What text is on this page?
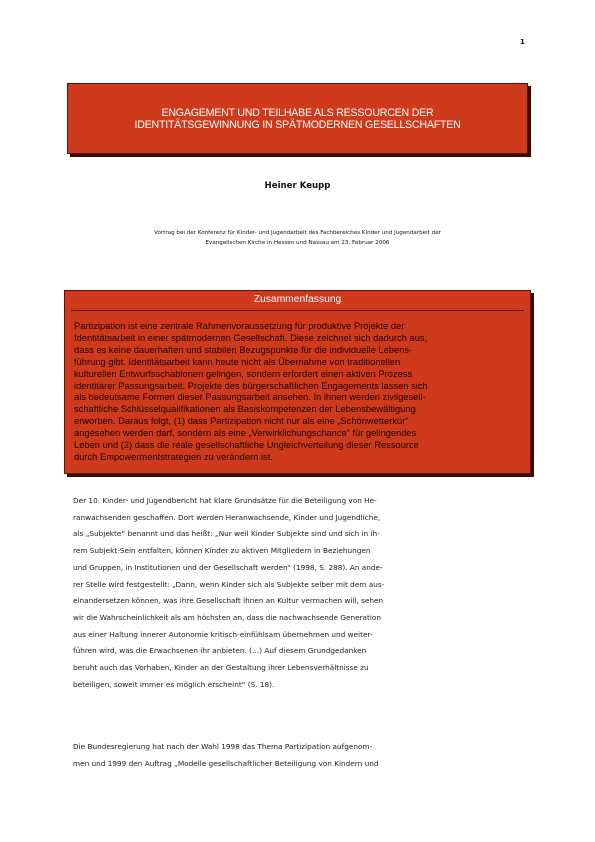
1
ENGAGEMENT UND TEILHABE ALS RESSOURCEN DER
IDENTITÄTSGEWINNUNG IN SPÄTMODERNEN GESELLSCHAFTEN
Heiner Keupp
Vortrag bei der Konferenz für Kinder- und Jugendarbeit des Fachbereiches Kinder und Jugendarbeit der
Evangelischen Kirche in Hessen und Nassau am 23. Februar 2006
Zusammenfassung

Partizipation ist eine zentrale Rahmenvoraussetzung für produktive Projekte der
Identitätsarbeit in einer spätmodernen Gesellschaft. Diese zeichnet sich dadurch aus,
dass es keine dauerhaften und stabilen Bezugspunkte für die individuelle Lebens-
führung gibt. Identitätsarbeit kann heute nicht als Übernahme von traditionellen
kulturellen Entwurfsschablonen gelingen, sondern erfordert einen aktiven Prozess
identitärer Passungsarbeit. Projekte des bürgerschaftlichen Engagements lassen sich
als bedeutsame Formen dieser Passungsarbeit ansehen. In ihnen werden zivilgesell-
schaftliche Schlüsselqualifikationen als Basiskompetenzen der Lebensbewältigung
erworben. Daraus folgt, (1) dass Partizipation nicht nur als eine „Schönwetterkür“
angesehen werden darf, sondern als eine „Verwirklichungschance“ für gelingendes
Leben und (2) dass die reale gesellschaftliche Ungleichverteilung dieser Ressource
durch Empowermentstrategien zu verändern ist.

Der 10. Kinder- und Jugendbericht hat klare Grundsätze für die Beteiligung von He-
ranwachsenden geschaffen. Dort werden Heranwachsende, Kinder und Jugendliche,
als „Subjekte“ benannt und das heißt: „Nur weil Kinder Subjekte sind und sich in ih-
rem Subjekt-Sein entfalten, können Kinder zu aktiven Mitgliedern in Beziehungen
und Gruppen, in Institutionen und der Gesellschaft werden“ (1998, S. 288). An ande-
rer Stelle wird festgestellt: „Dann, wenn Kinder sich als Subjekte selber mit dem aus-
einandersetzen können, was ihre Gesellschaft ihnen an Kultur vermachen will, sehen
wir die Wahrscheinlichkeit als am höchsten an, dass die nachwachsende Generation
aus einer Haltung innerer Autonomie kritisch-einfühlsam übernehmen und weiter-
führen wird, was die Erwachsenen ihr anbieten. (…) Auf diesem Grundgedanken
beruht auch das Vorhaben, Kinder an der Gestaltung ihrer Lebensverhältnisse zu
beteiligen, soweit immer es möglich erscheint“ (S. 18).

Die Bundesregierung hat nach der Wahl 1998 das Thema Partizipation aufgenom-
men und 1999 den Auftrag „Modelle gesellschaftlicher Beteiligung von Kindern und
